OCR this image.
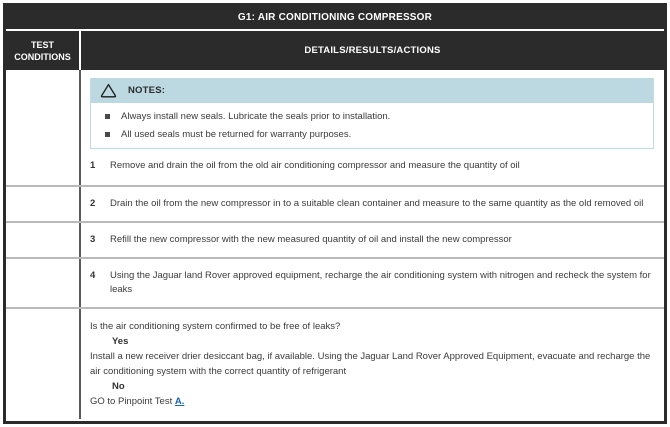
G1: AIR CONDITIONING COMPRESSOR
TEST
CONDITIONS
DETAILS/RESULTS/ACTIONS
NOTES:
Always install new seals. Lubricate the seals prior to installation.
All used seals must be returned for warranty purposes.
1	Remove and drain the oil from the old air conditioning compressor and measure the quantity of oil
2	Drain the oil from the new compressor in to a suitable clean container and measure to the same quantity as the old removed oil
3	Refill the new compressor with the new measured quantity of oil and install the new compressor
4	Using the Jaguar land Rover approved equipment, recharge the air conditioning system with nitrogen and recheck the system for leaks
Is the air conditioning system confirmed to be free of leaks?
Yes
Install a new receiver drier desiccant bag, if available. Using the Jaguar Land Rover Approved Equipment, evacuate and recharge the air conditioning system with the correct quantity of refrigerant
No
GO to Pinpoint Test A.
